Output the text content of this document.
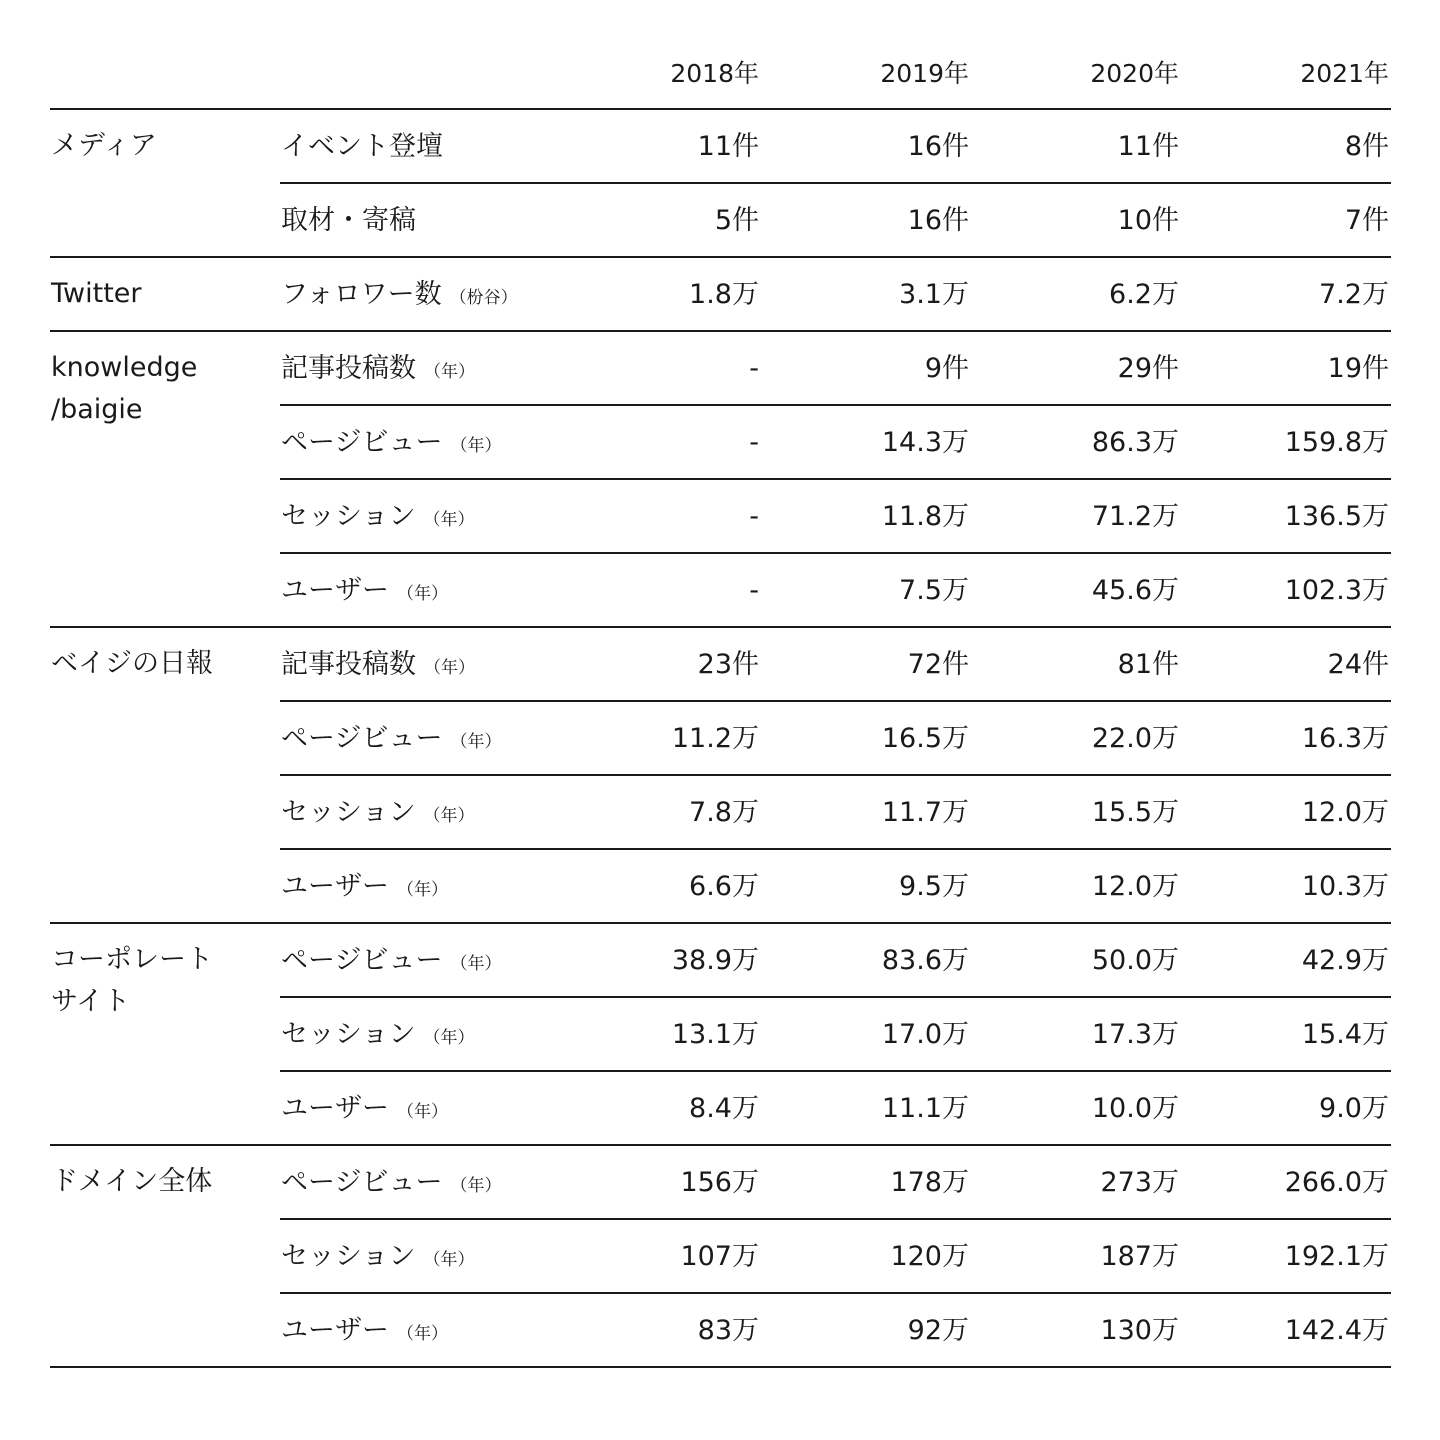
2018年	2019年	2020年	2021年
メディア	イベント登壇	11件	16件	11件	8件
取材・寄稿	5件	16件	10件	7件
Twitter	フォロワー数 （枌谷）	1.8万	3.1万	6.2万	7.2万
knowledge
/baigie
記事投稿数 （年）	-	9件	29件	19件
ページビュー （年）	-	14.3万	86.3万	159.8万
セッション （年）	-	11.8万	71.2万	136.5万
ユーザー （年）	-	7.5万	45.6万	102.3万
ベイジの日報	記事投稿数 （年）	23件	72件	81件	24件
ページビュー （年）	11.2万	16.5万	22.0万	16.3万
セッション （年）	7.8万	11.7万	15.5万	12.0万
ユーザー （年）	6.6万	9.5万	12.0万	10.3万
コーポレート
サイト
ページビュー （年）	38.9万	83.6万	50.0万	42.9万
セッション （年）	13.1万	17.0万	17.3万	15.4万
ユーザー （年）	8.4万	11.1万	10.0万	9.0万
ドメイン全体	ページビュー （年）	156万	178万	273万	266.0万
セッション （年）	107万	120万	187万	192.1万
ユーザー （年）	83万	92万	130万	142.4万
